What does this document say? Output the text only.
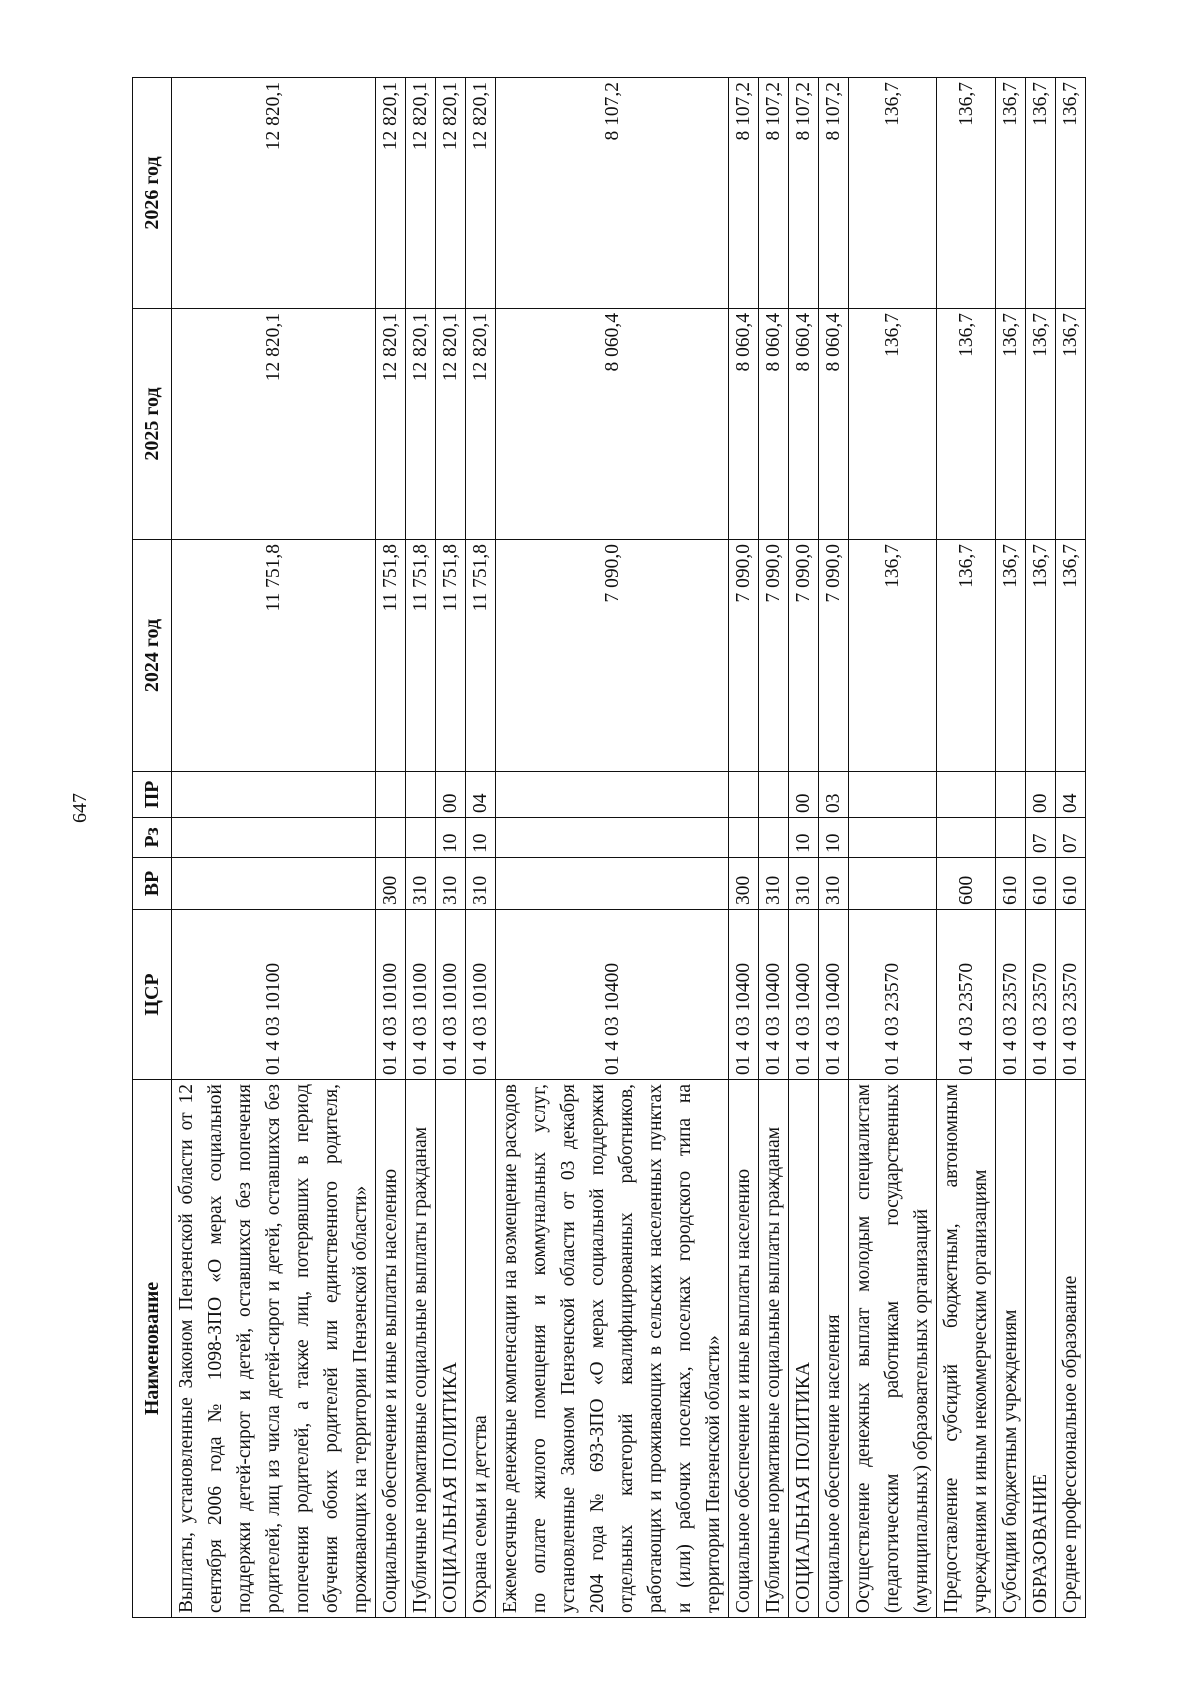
647
Наименование	ЦСР	ВР	Рз	ПР	2024 год	2025 год	2026 год
Выплаты, установленные Законом Пензенской области от 12 сентября 2006 года № 1098-ЗПО «О мерах социальной поддержки детей-сирот и детей, оставшихся без попечения родителей, лиц из числа детей-сирот и детей, оставшихся без попечения родителей, а также лиц, потерявших в период обучения обоих родителей или единственного родителя, проживающих на территории Пензенской области»	01 4 03 10100				11 751,8	12 820,1	12 820,1
Социальное обеспечение и иные выплаты населению	01 4 03 10100	300			11 751,8	12 820,1	12 820,1
Публичные нормативные социальные выплаты гражданам	01 4 03 10100	310			11 751,8	12 820,1	12 820,1
СОЦИАЛЬНАЯ ПОЛИТИКА	01 4 03 10100	310	10	00	11 751,8	12 820,1	12 820,1
Охрана семьи и детства	01 4 03 10100	310	10	04	11 751,8	12 820,1	12 820,1
Ежемесячные денежные компенсации на возмещение расходов по оплате жилого помещения и коммунальных услуг, установленные Законом Пензенской области от 03 декабря 2004 года № 693-ЗПО «О мерах социальной поддержки отдельных категорий квалифицированных работников, работающих и проживающих в сельских населенных пунктах и (или) рабочих поселках, поселках городского типа на территории Пензенской области»	01 4 03 10400				7 090,0	8 060,4	8 107,2
Социальное обеспечение и иные выплаты населению	01 4 03 10400	300			7 090,0	8 060,4	8 107,2
Публичные нормативные социальные выплаты гражданам	01 4 03 10400	310			7 090,0	8 060,4	8 107,2
СОЦИАЛЬНАЯ ПОЛИТИКА	01 4 03 10400	310	10	00	7 090,0	8 060,4	8 107,2
Социальное обеспечение населения	01 4 03 10400	310	10	03	7 090,0	8 060,4	8 107,2
Осуществление денежных выплат молодым специалистам (педагогическим работникам государственных (муниципальных) образовательных организаций	01 4 03 23570				136,7	136,7	136,7
Предоставление субсидий бюджетным, автономным учреждениям и иным некоммерческим организациям	01 4 03 23570	600			136,7	136,7	136,7
Субсидии бюджетным учреждениям	01 4 03 23570	610			136,7	136,7	136,7
ОБРАЗОВАНИЕ	01 4 03 23570	610	07	00	136,7	136,7	136,7
Среднее профессиональное образование	01 4 03 23570	610	07	04	136,7	136,7	136,7
